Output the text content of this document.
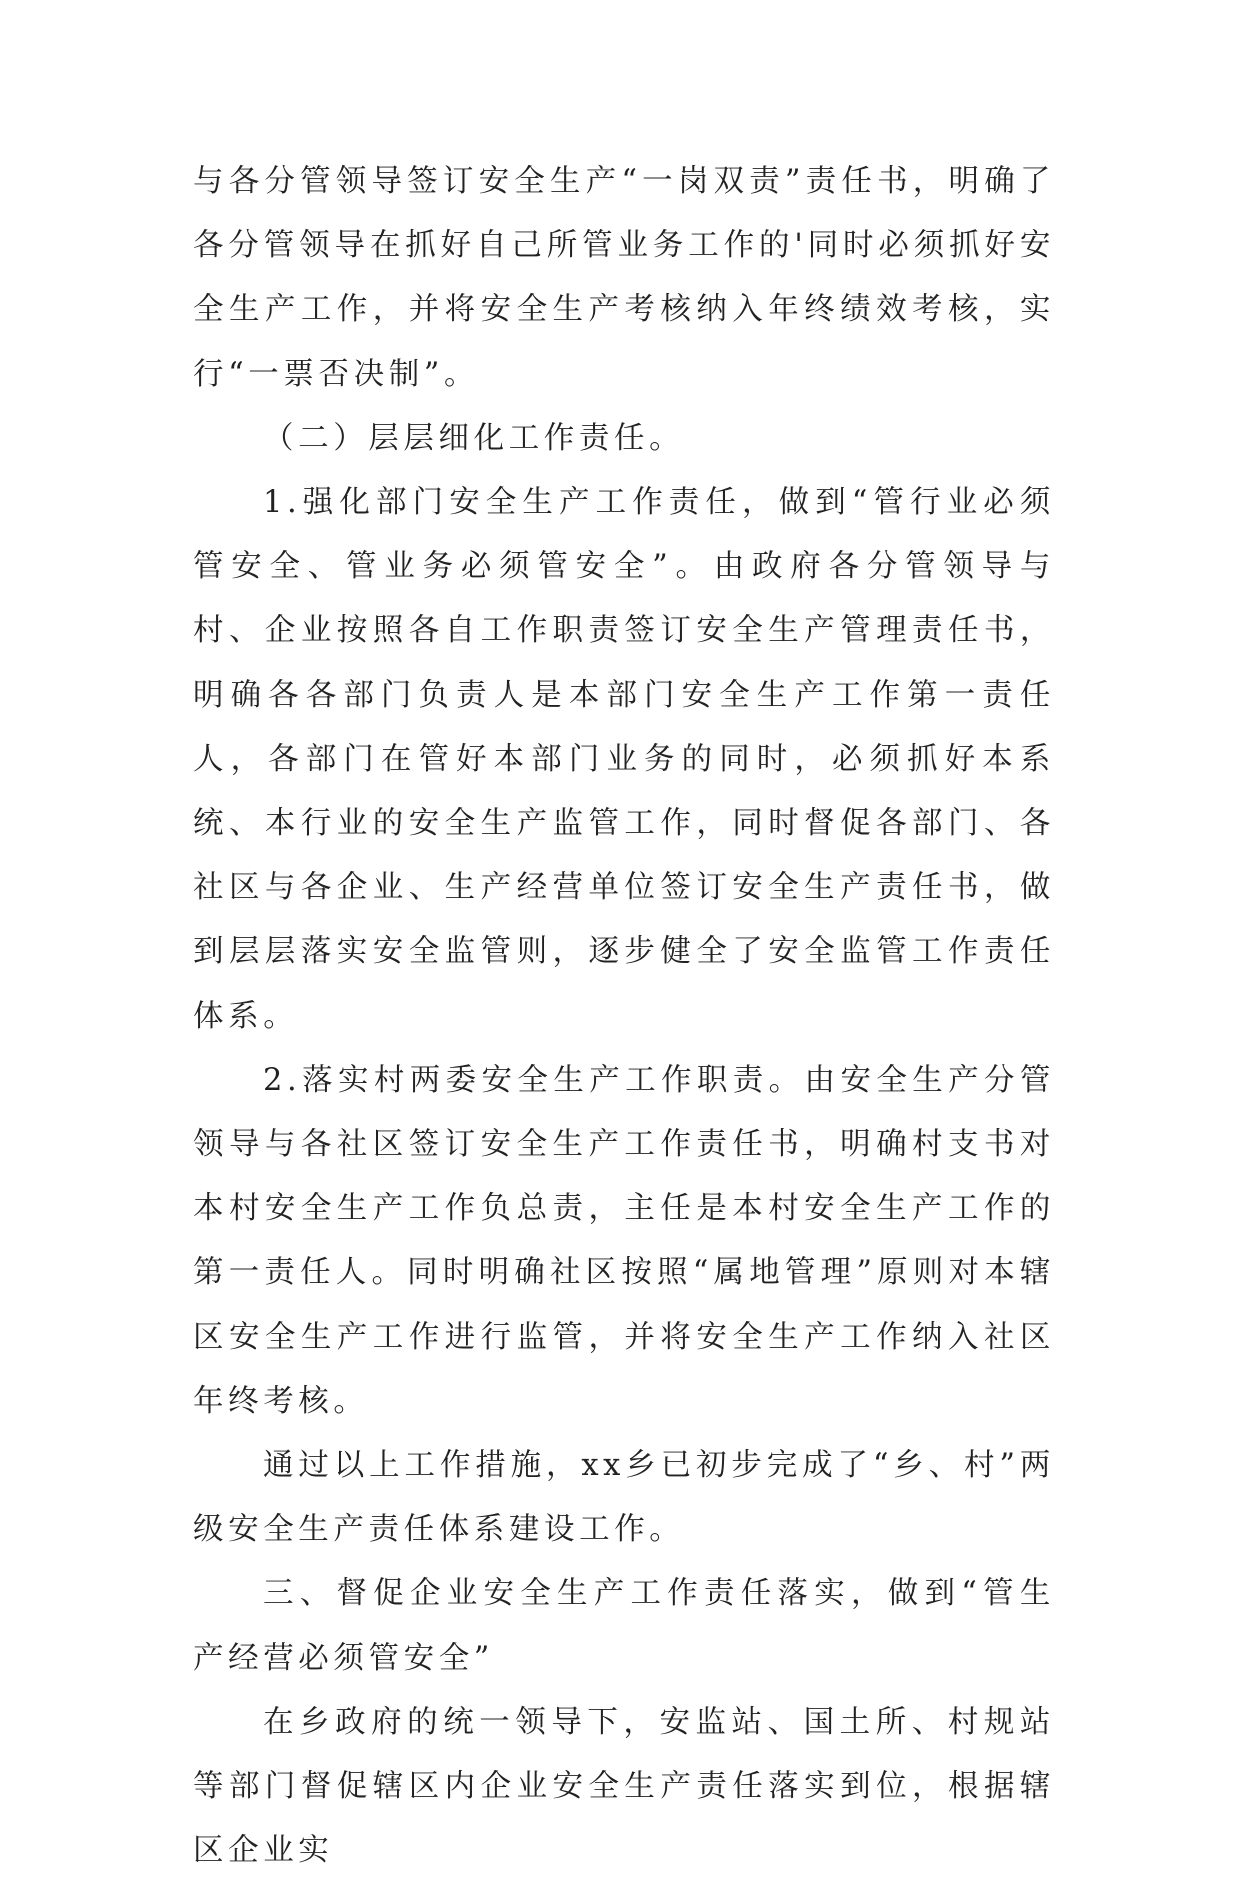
与各分管领导签订安全生产“一岗双责”责任书，明确了各分管领导在抓好自己所管业务工作的'同时必须抓好安全生产工作，并将安全生产考核纳入年终绩效考核，实行“一票否决制”。

（二）层层细化工作责任。

1.强化部门安全生产工作责任，做到“管行业必须管安全、管业务必须管安全”。由政府各分管领导与村、企业按照各自工作职责签订安全生产管理责任书，明确各各部门负责人是本部门安全生产工作第一责任人，各部门在管好本部门业务的同时，必须抓好本系统、本行业的安全生产监管工作，同时督促各部门、各社区与各企业、生产经营单位签订安全生产责任书，做到层层落实安全监管则，逐步健全了安全监管工作责任体系。

2.落实村两委安全生产工作职责。由安全生产分管领导与各社区签订安全生产工作责任书，明确村支书对本村安全生产工作负总责，主任是本村安全生产工作的第一责任人。同时明确社区按照“属地管理”原则对本辖区安全生产工作进行监管，并将安全生产工作纳入社区年终考核。

通过以上工作措施，xx乡已初步完成了“乡、村”两级安全生产责任体系建设工作。

三、督促企业安全生产工作责任落实，做到“管生产经营必须管安全”

在乡政府的统一领导下，安监站、国土所、村规站等部门督促辖区内企业安全生产责任落实到位，根据辖区企业实
